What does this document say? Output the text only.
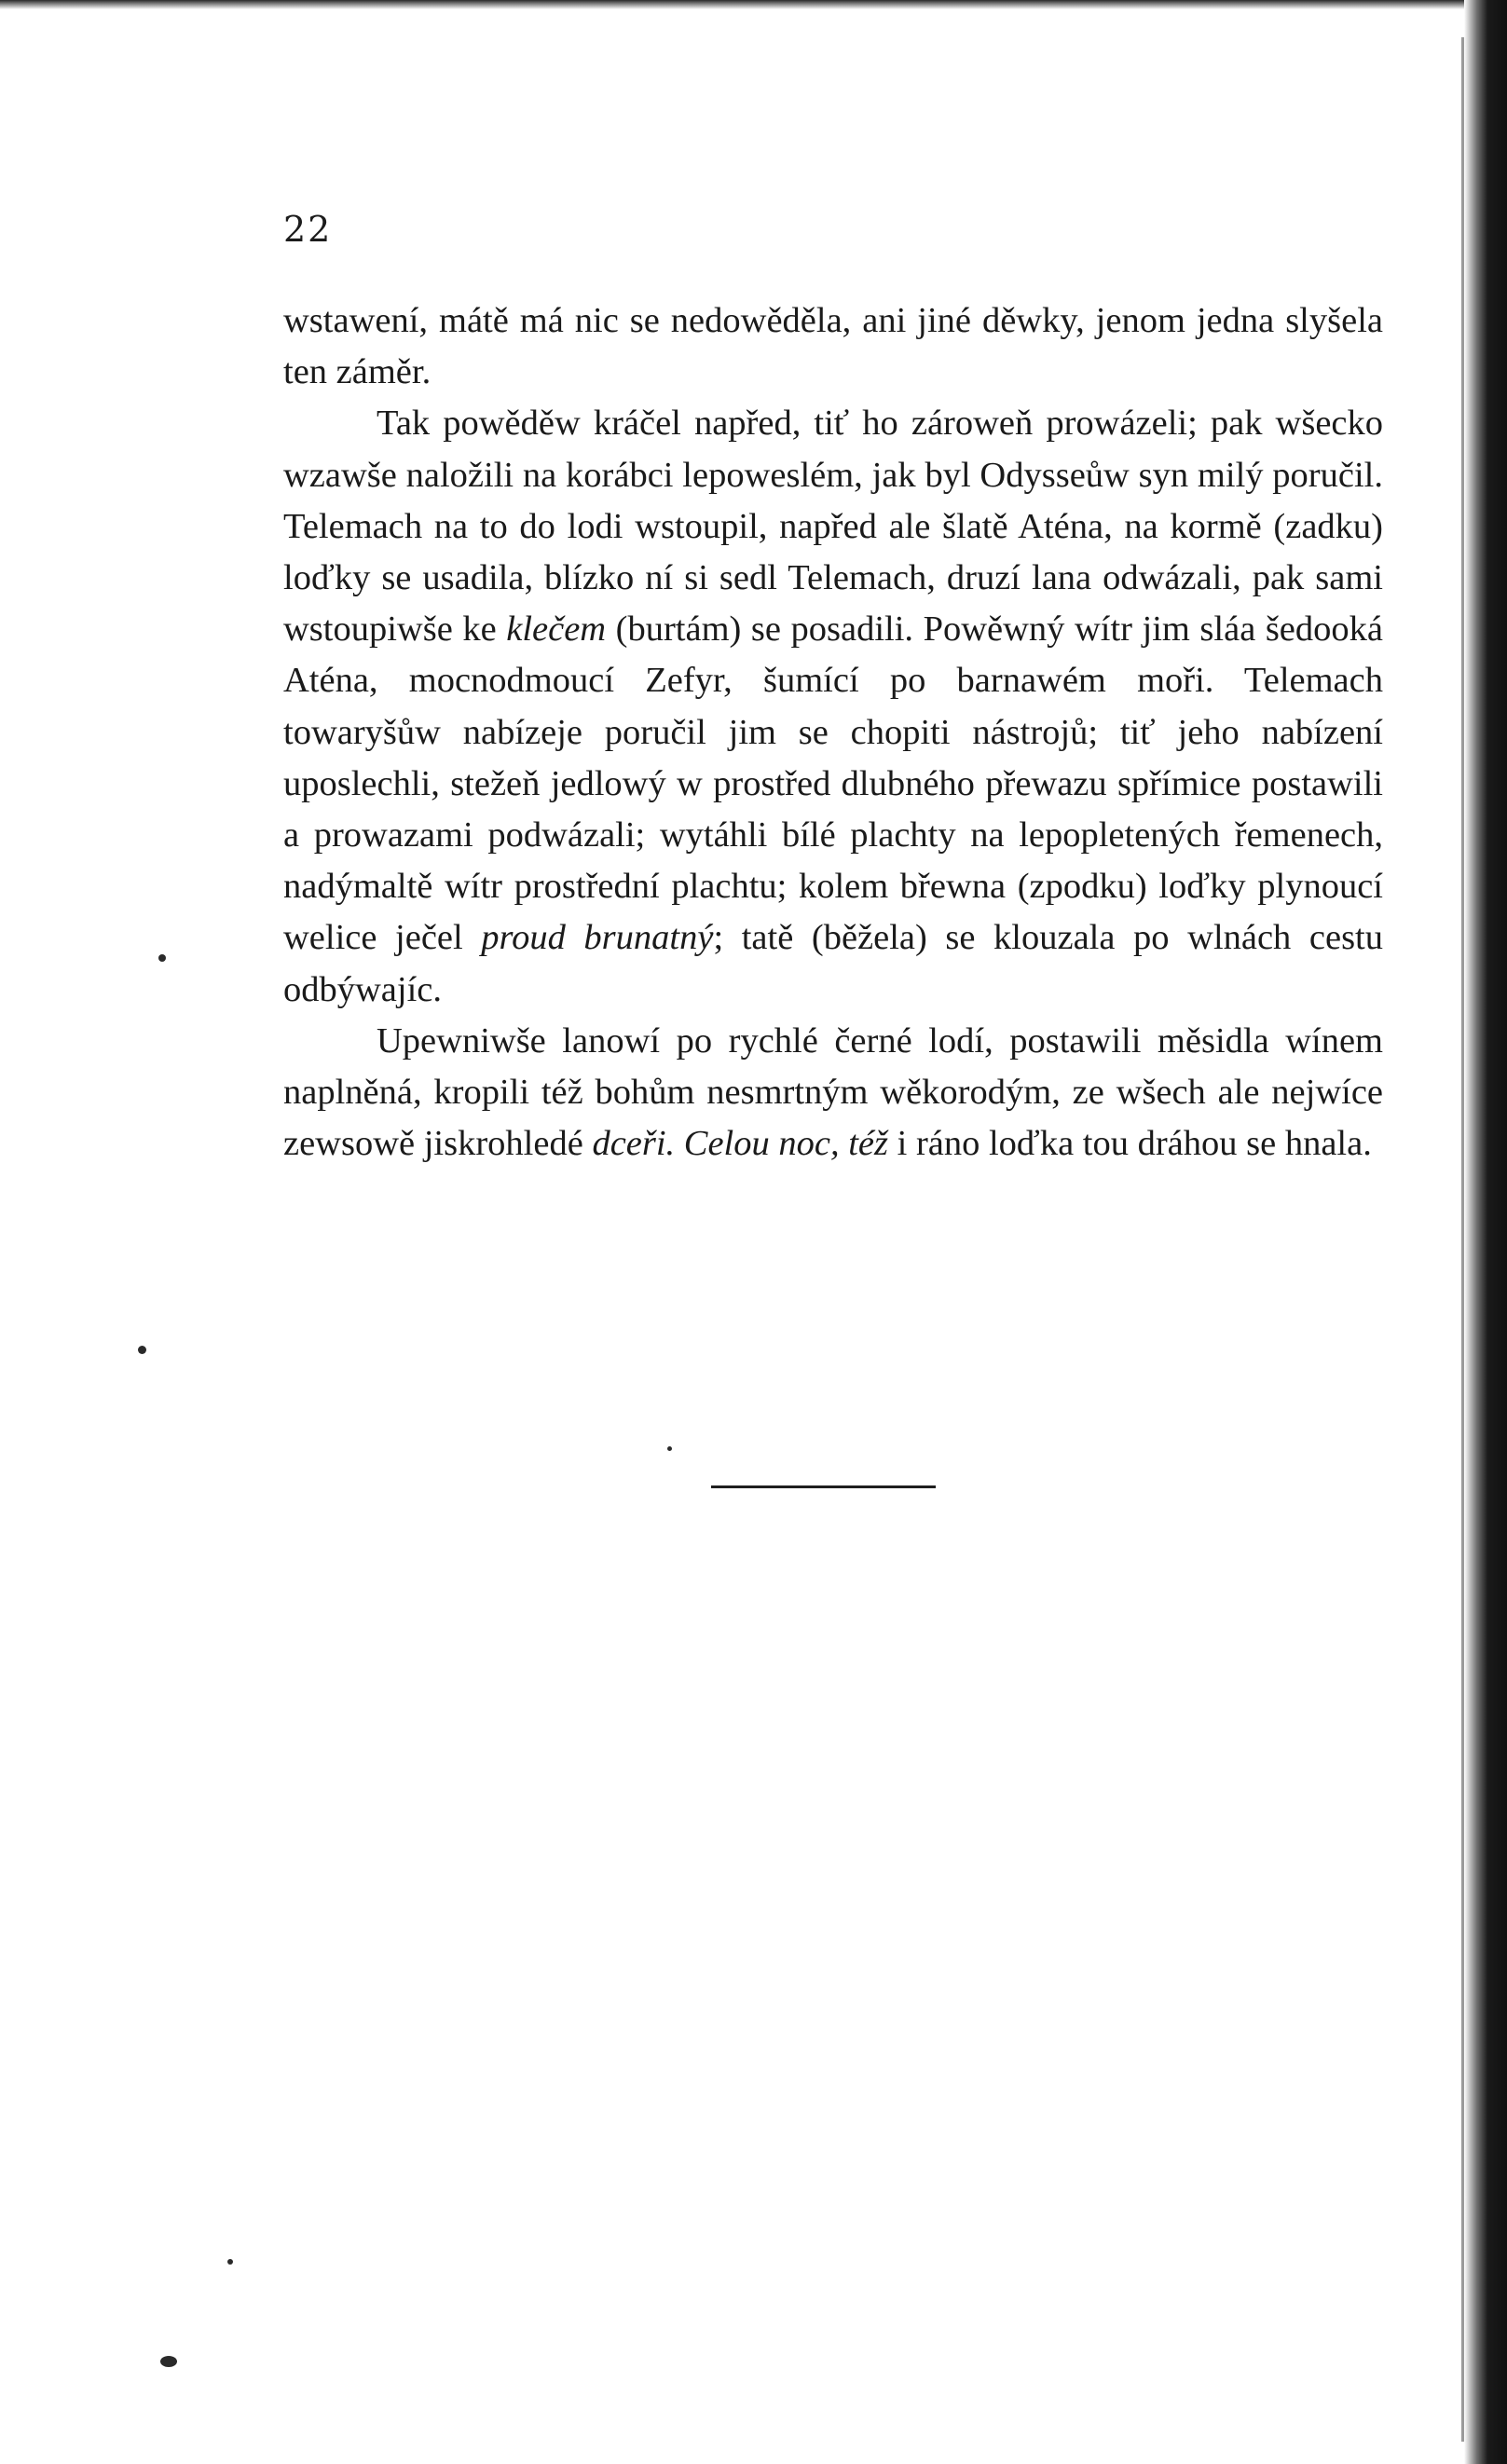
22

wstawení, mátě má nic se nedowěděla, ani jiné děwky, jenom jedna slyšela ten záměr.

Tak powěděw kráčel napřed, tiť ho zároweň prowázeli; pak wšecko wzawše naložili na korábci lepoweslém, jak byl Odysseůw syn milý poručil. Telemach na to do lodi wstoupil, napřed ale šlatě Aténa, na kormě (zadku) loďky se usadila, blízko ní si sedl Telemach, druzí lana odwázali, pak sami wstoupiwše ke klečem (burtám) se posadili. Powěwný wítr jim sláa šedooká Aténa, mocnodmoucí Zefyr, šumící po barnawém moři. Telemach towaryšůw nabízeje poručil jim se chopiti nástrojů; tiť jeho nabízení uposlechli, stežeň jedlowý w prostřed dlubného přewazu spřímice postawili a prowazami podwázali; wytáhli bílé plachty na lepopletených řemenech, nadýmaltě wítr prostřední plachtu; kolem břewna (zpodku) loďky plynoucí welice ječel proud brunatný; tatě (běžela) se klouzala po wlnách cestu odbýwajíc.

Upewniwše lanowí po rychlé černé lodí, postawili měsidla wínem naplněná, kropili též bohům nesmrtným wěkorodým, ze wšech ale nejwíce zewsowě jiskrohledé dceři. Celou noc, též i ráno loďka tou dráhou se hnala.
